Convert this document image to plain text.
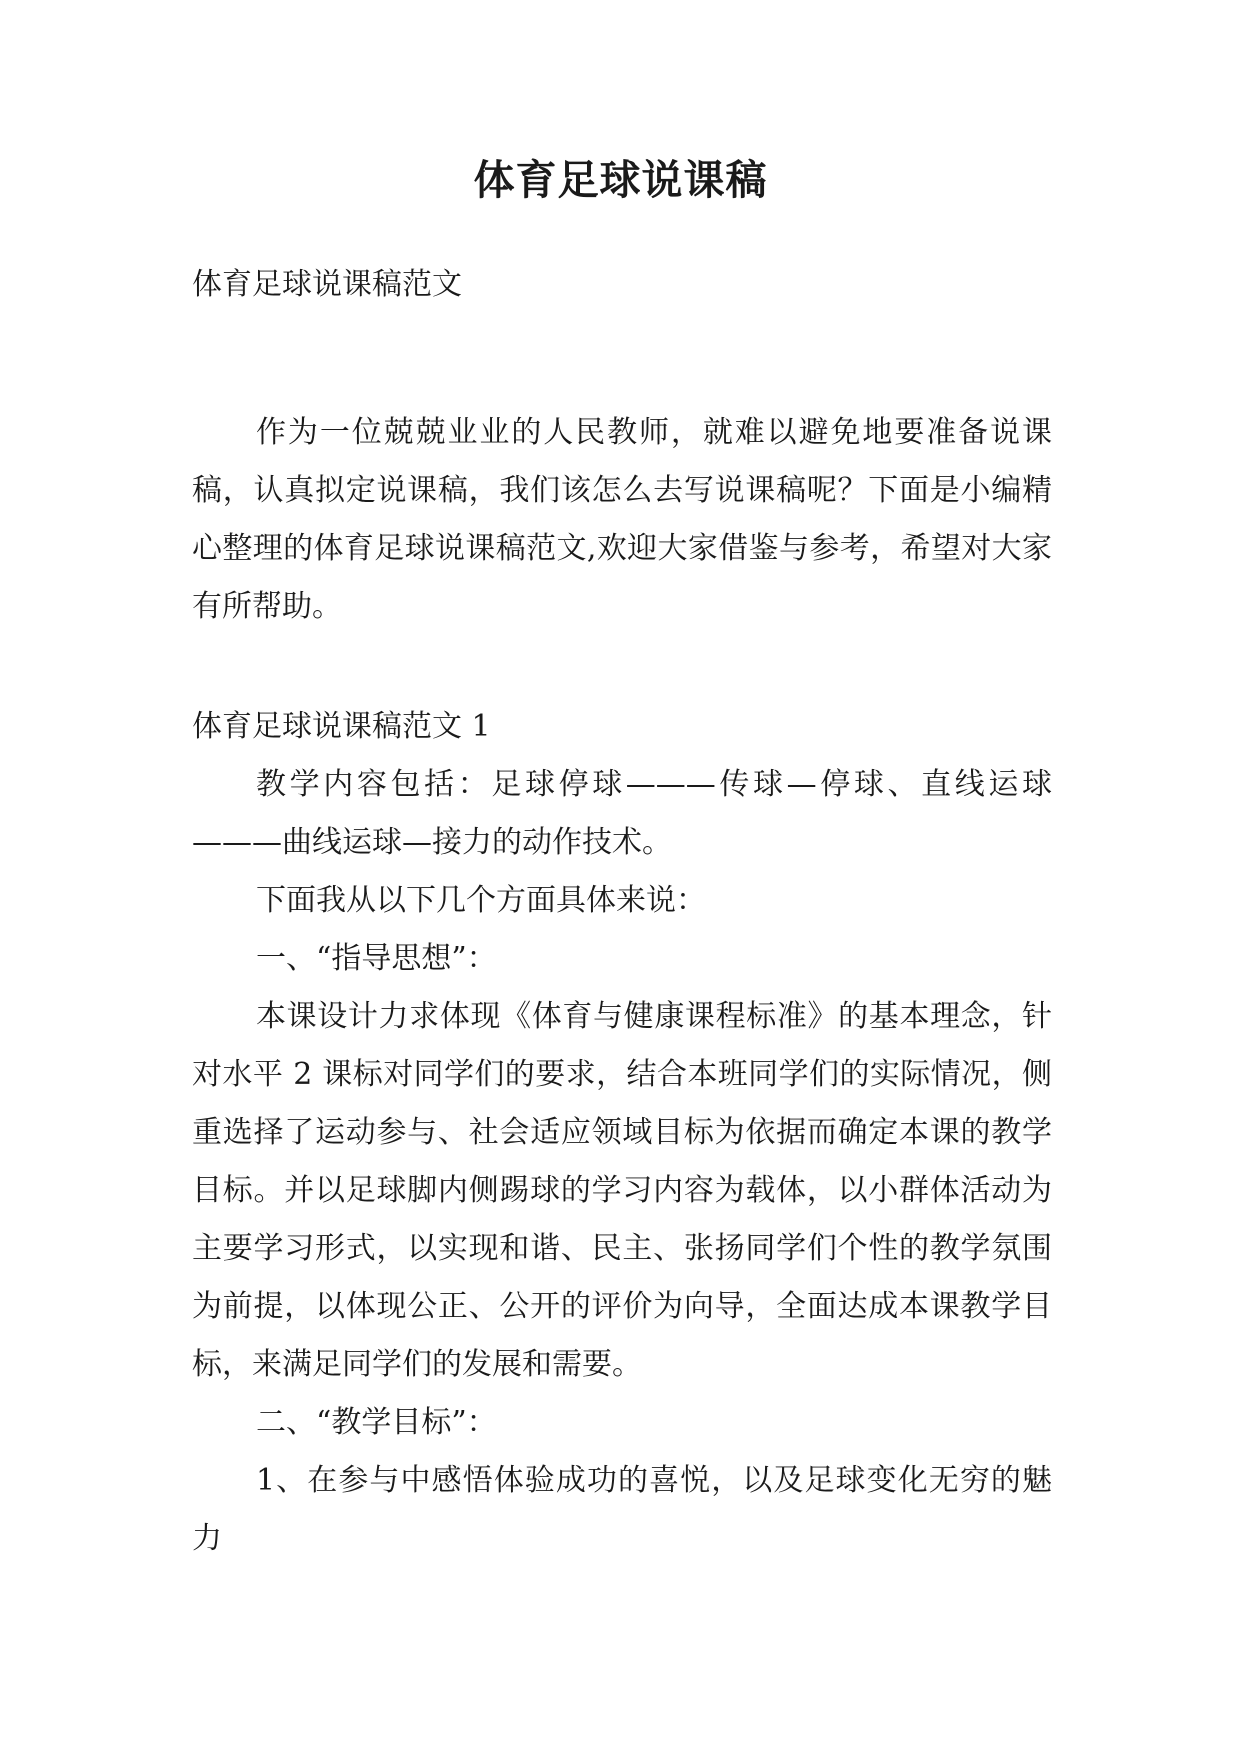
体育足球说课稿

体育足球说课稿范文

作为一位兢兢业业的人民教师，就难以避免地要准备说课稿，认真拟定说课稿，我们该怎么去写说课稿呢？下面是小编精心整理的体育足球说课稿范文,欢迎大家借鉴与参考，希望对大家有所帮助。

体育足球说课稿范文 1

教学内容包括：足球停球———传球—停球、直线运球———曲线运球—接力的动作技术。

下面我从以下几个方面具体来说：

一、“指导思想”：

本课设计力求体现《体育与健康课程标准》的基本理念，针对水平 2 课标对同学们的要求，结合本班同学们的实际情况，侧重选择了运动参与、社会适应领域目标为依据而确定本课的教学目标。并以足球脚内侧踢球的学习内容为载体，以小群体活动为主要学习形式，以实现和谐、民主、张扬同学们个性的教学氛围为前提，以体现公正、公开的评价为向导，全面达成本课教学目标，来满足同学们的发展和需要。

二、“教学目标”：

1、在参与中感悟体验成功的喜悦，以及足球变化无穷的魅力
